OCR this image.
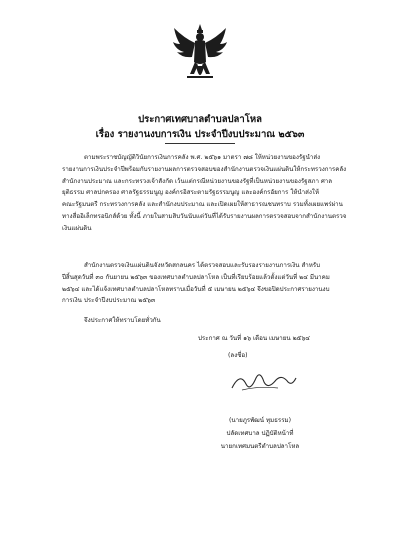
ประกาศเทศบาลตำบลปลาโหล
เรื่อง รายงานงบการเงิน ประจำปีงบประมาณ ๒๕๖๓
ตามพระราชบัญญัติวินัยการเงินการคลัง พ.ศ. ๒๕๖๑ มาตรา ๗๘ ให้หน่วยงานของรัฐนำส่ง
รายงานการเงินประจำปีพร้อมกับรายงานผลการตรวจสอบของสำนักงานตรวจเงินแผ่นดินให้กระทรวงการคลัง
สำนักงานประมาณ และกระทรวงเจ้าสังกัด เว้นแต่กรณีหน่วยงานของรัฐที่เป็นหน่วยงานของรัฐสภา ศาล
ยุติธรรม ศาลปกครอง ศาลรัฐธรรมนูญ องค์กรอิสระตามรัฐธรรมนูญ และองค์กรอัยการ ให้นำส่งให้
คณะรัฐมนตรี กระทรวงการคลัง และสำนักงบประมาณ และเปิดเผยให้สาธารณชนทราบ รวมทั้งเผยแพร่ผ่าน
ทางสื่ออิเล็กทรอนิกส์ด้วย ทั้งนี้ ภายในสามสิบวันนับแต่วันที่ได้รับรายงานผลการตรวจสอบจากสำนักงานตรวจ
เงินแผ่นดิน
สำนักงานตรวจเงินแผ่นดินจังหวัดสกลนคร ได้ตรวจสอบและรับรองรายงานการเงิน สำหรับ
ปีสิ้นสุดวันที่ ๓๐ กันยายน ๒๕๖๓ ของเทศบาลตำบลปลาโหล เป็นที่เรียบร้อยแล้วตั้งแต่วันที่ ๒๔ มีนาคม
๒๕๖๔ และได้แจ้งเทศบาลตำบลปลาโหลทราบเมื่อวันที่ ๕ เมษายน ๒๕๖๔ จึงขอปิดประกาศรายงานงบ
การเงิน ประจำปีงบประมาณ ๒๕๖๓
จึงประกาศให้ทราบโดยทั่วกัน
ประกาศ ณ วันที่ ๑๖ เดือน เมษายน ๒๕๖๔
(ลงชื่อ)
(นายภูรพัฒน์ ทุมธรรม)
ปลัดเทศบาล ปฏิบัติหน้าที่
นายกเทศมนตรีตำบลปลาโหล
